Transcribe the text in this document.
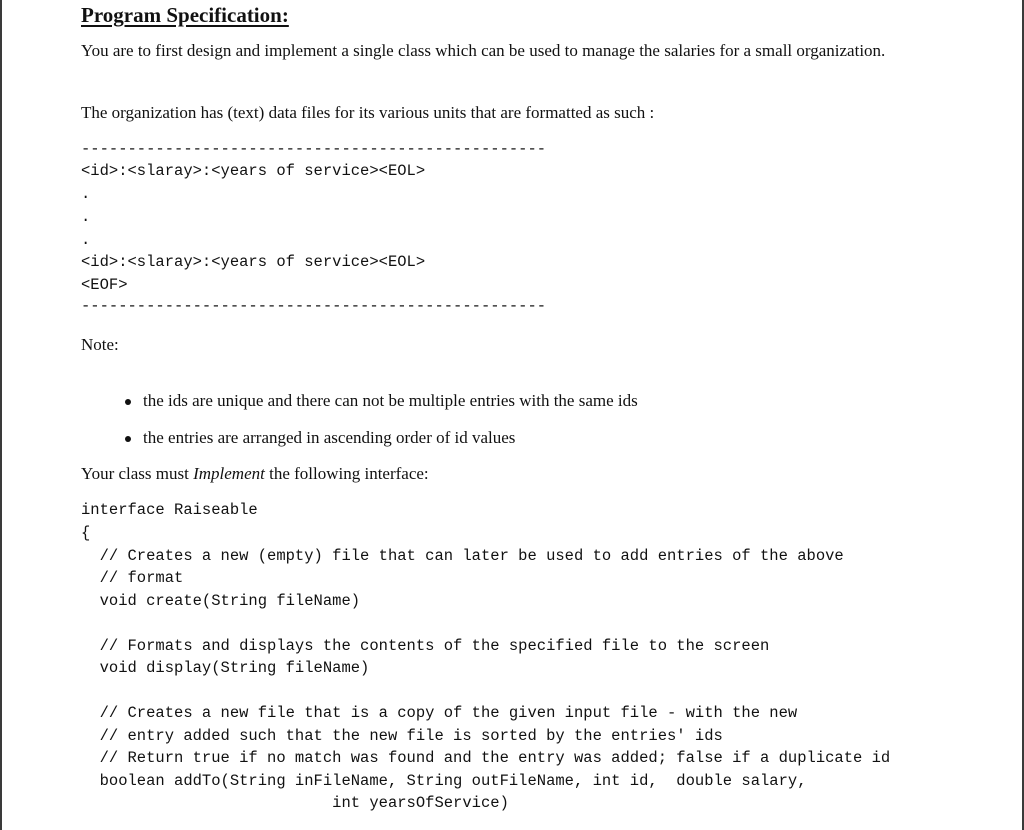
Program Specification:
You are to first design and implement a single class which can be used to manage the salaries for a small organization.
The organization has (text) data files for its various units that are formatted as such :
--------------------------------------------------
<id>:<slaray>:<years of service><EOL>
.
.
.
<id>:<slaray>:<years of service><EOL>
<EOF>
--------------------------------------------------
Note:

the ids are unique and there can not be multiple entries with the same ids

the entries are arranged in ascending order of id values

Your class must Implement the following interface:
interface Raiseable
{
// Creates a new (empty) file that can later be used to add entries of the above
// format
void create(String fileName)
// Formats and displays the contents of the specified file to the screen
void display(String fileName)
// Creates a new file that is a copy of the given input file - with the new
// entry added such that the new file is sorted by the entries' ids
// Return true if no match was found and the entry was added; false if a duplicate id
boolean addTo(String inFileName, String outFileName, int id,  double salary,
int yearsOfService)
